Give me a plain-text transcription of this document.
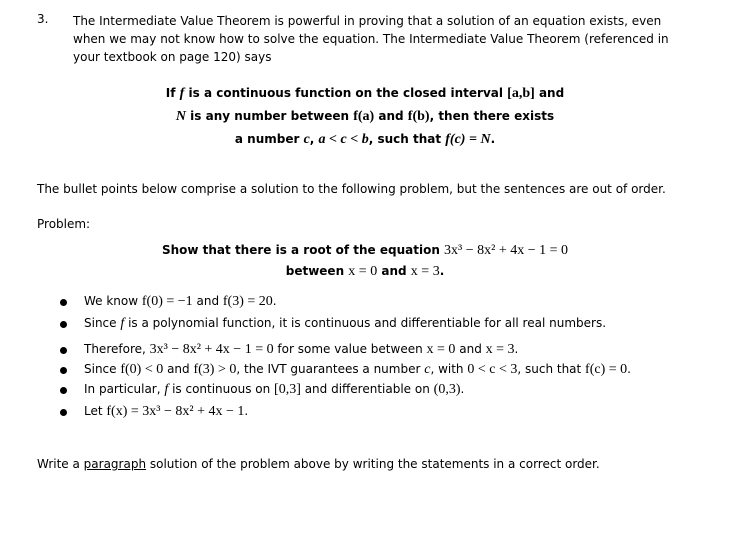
3. The Intermediate Value Theorem is powerful in proving that a solution of an equation exists, even
when we may not know how to solve the equation. The Intermediate Value Theorem (referenced in
your textbook on page 120) says
If f is a continuous function on the closed interval [a,b] and
N is any number between f(a) and f(b), then there exists
a number c, a < c < b, such that f(c) = N.
The bullet points below comprise a solution to the following problem, but the sentences are out of order.
Problem:
Show that there is a root of the equation 3x³ − 8x² + 4x − 1 = 0
between x = 0 and x = 3.
We know f(0) = −1 and f(3) = 20.
Since f is a polynomial function, it is continuous and differentiable for all real numbers.
Therefore, 3x³ − 8x² + 4x − 1 = 0 for some value between x = 0 and x = 3.
Since f(0) < 0 and f(3) > 0, the IVT guarantees a number c, with 0 < c < 3, such that f(c) = 0.
In particular, f is continuous on [0,3] and differentiable on (0,3).
Let f(x) = 3x³ − 8x² + 4x − 1.
Write a paragraph solution of the problem above by writing the statements in a correct order.
